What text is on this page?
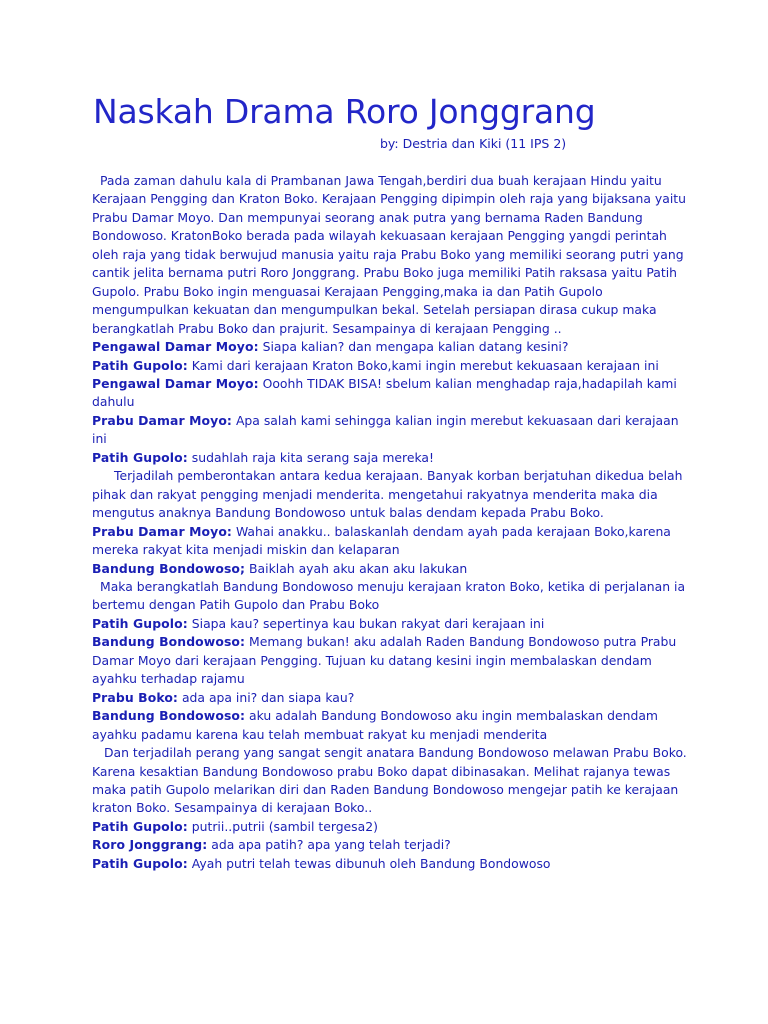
Naskah Drama Roro Jonggrang
by: Destria dan Kiki (11 IPS 2)

Pada zaman dahulu kala di Prambanan Jawa Tengah,berdiri dua buah kerajaan Hindu yaitu Kerajaan Pengging dan Kraton Boko. Kerajaan Pengging dipimpin oleh raja yang bijaksana yaitu Prabu Damar Moyo. Dan mempunyai seorang anak putra yang bernama Raden Bandung Bondowoso. KratonBoko berada pada wilayah kekuasaan kerajaan Pengging yangdi perintah oleh raja yang tidak berwujud manusia yaitu raja Prabu Boko yang memiliki seorang putri yang cantik jelita bernama putri Roro Jonggrang. Prabu Boko juga memiliki Patih raksasa yaitu Patih Gupolo. Prabu Boko ingin menguasai Kerajaan Pengging,maka ia dan Patih Gupolo mengumpulkan kekuatan dan mengumpulkan bekal. Setelah persiapan dirasa cukup maka berangkatlah Prabu Boko dan prajurit. Sesampainya di kerajaan Pengging ..

Pengawal Damar Moyo: Siapa kalian? dan mengapa kalian datang kesini?

Patih Gupolo: Kami dari kerajaan Kraton Boko,kami ingin merebut kekuasaan kerajaan ini

Pengawal Damar Moyo: Ooohh TIDAK BISA! sbelum kalian menghadap raja,hadapilah kami dahulu

Prabu Damar Moyo: Apa salah kami sehingga kalian ingin merebut kekuasaan dari kerajaan ini

Patih Gupolo: sudahlah raja kita serang saja mereka!

Terjadilah pemberontakan antara kedua kerajaan. Banyak korban berjatuhan dikedua belah pihak dan rakyat pengging menjadi menderita. mengetahui rakyatnya menderita maka dia mengutus anaknya Bandung Bondowoso untuk balas dendam kepada Prabu Boko.

Prabu Damar Moyo: Wahai anakku.. balaskanlah dendam ayah pada kerajaan Boko,karena mereka rakyat kita menjadi miskin dan kelaparan

Bandung Bondowoso; Baiklah ayah aku akan aku lakukan

Maka berangkatlah Bandung Bondowoso menuju kerajaan kraton Boko, ketika di perjalanan ia bertemu dengan Patih Gupolo dan Prabu Boko

Patih Gupolo: Siapa kau? sepertinya kau bukan rakyat dari kerajaan ini

Bandung Bondowoso: Memang bukan! aku adalah Raden Bandung Bondowoso putra Prabu Damar Moyo dari kerajaan Pengging. Tujuan ku datang kesini ingin membalaskan dendam ayahku terhadap rajamu

Prabu Boko: ada apa ini? dan siapa kau?

Bandung Bondowoso: aku adalah Bandung Bondowoso aku ingin membalaskan dendam ayahku padamu karena kau telah membuat rakyat ku menjadi menderita

Dan terjadilah perang yang sangat sengit anatara Bandung Bondowoso melawan Prabu Boko. Karena kesaktian Bandung Bondowoso prabu Boko dapat dibinasakan. Melihat rajanya tewas maka patih Gupolo melarikan diri dan Raden Bandung Bondowoso mengejar patih ke kerajaan kraton Boko. Sesampainya di kerajaan Boko..

Patih Gupolo: putrii..putrii (sambil tergesa2)

Roro Jonggrang: ada apa patih? apa yang telah terjadi?

Patih Gupolo: Ayah putri telah tewas dibunuh oleh Bandung Bondowoso
